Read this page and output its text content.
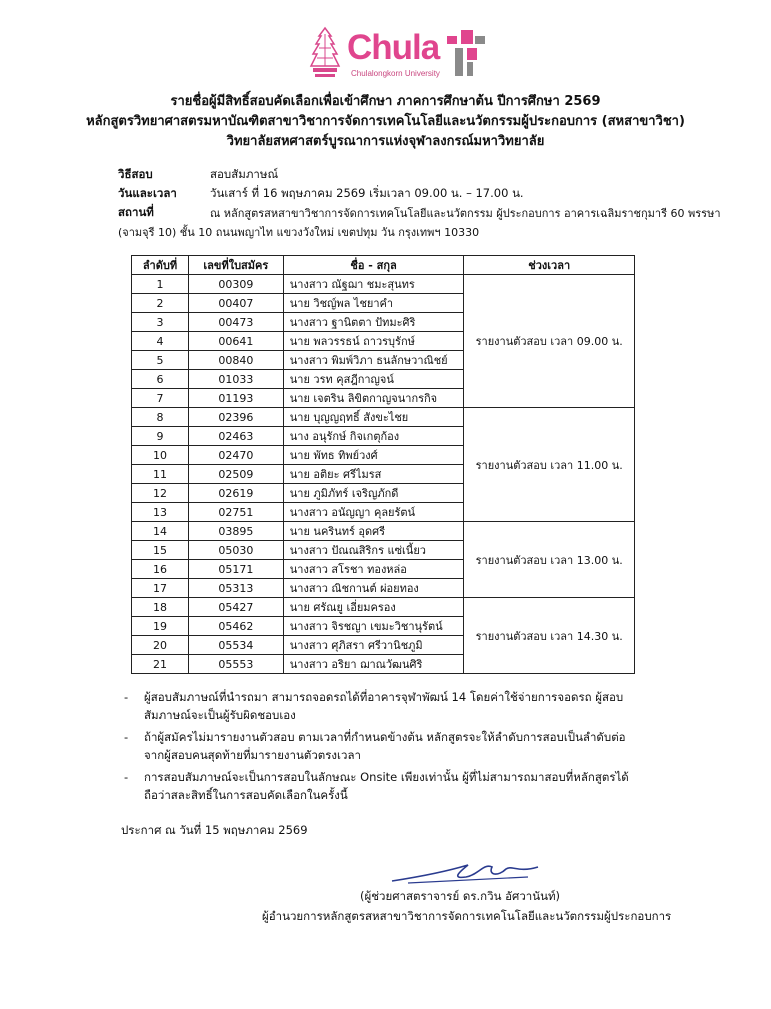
Chula
Chulalongkorn University
รายชื่อผู้มีสิทธิ์สอบคัดเลือกเพื่อเข้าศึกษา ภาคการศึกษาต้น ปีการศึกษา 2569
หลักสูตรวิทยาศาสตรมหาบัณฑิตสาขาวิชาการจัดการเทคโนโลยีและนวัตกรรมผู้ประกอบการ (สหสาขาวิชา)
วิทยาลัยสหศาสตร์บูรณาการแห่งจุฬาลงกรณ์มหาวิทยาลัย
วิธีสอบ	สอบสัมภาษณ์
วันและเวลา	วันเสาร์ ที่ 16 พฤษภาคม 2569 เริ่มเวลา 09.00 น. – 17.00 น.
สถานที่	ณ หลักสูตรสหสาขาวิชาการจัดการเทคโนโลยีและนวัตกรรม ผู้ประกอบการ อาคารเฉลิมราชกุมารี 60 พรรษา
(จามจุรี 10) ชั้น 10 ถนนพญาไท แขวงวังใหม่ เขตปทุม วัน กรุงเทพฯ 10330
ลำดับที่	เลขที่ใบสมัคร	ชื่อ - สกุล	ช่วงเวลา
1	00309	นางสาว ณัฐฌา ชมะสุนทร	รายงานตัวสอบ เวลา 09.00 น.
2	00407	นาย วิชญ์พล ไชยาคำ	
3	00473	นางสาว ฐานิตตา ปัทมะศิริ	
4	00641	นาย พลวรรธน์ ถาวรบุรักษ์	
5	00840	นางสาว พิมพ์วิภา ธนลักษวาณิชย์	
6	01033	นาย วรท คุสฎีกาญจน์	
7	01193	นาย เจตริน ลิขิตกาญจนากรกิจ	
8	02396	นาย บุญญฤทธิ์ สังขะไชย	รายงานตัวสอบ เวลา 11.00 น.
9	02463	นาง อนุรักษ์ กิจเกตุก้อง	
10	02470	นาย พัทธ ทิพย์วงศ์	
11	02509	นาย อติยะ ศรีไมรส	
12	02619	นาย ภูมิภัทร์ เจริญภักดี	
13	02751	นางสาว อนัญญา คุลยรัตน์	
14	03895	นาย นครินทร์ อุดศรี	รายงานตัวสอบ เวลา 13.00 น.
15	05030	นางสาว ปัณณสิริกร แซ่เนี้ยว	
16	05171	นางสาว สโรชา ทองหล่อ	
17	05313	นางสาว ณิชกานต์ ผ่อยทอง	
18	05427	นาย ศรัณยู เอี่ยมครอง	รายงานตัวสอบ เวลา 14.30 น.
19	05462	นางสาว จิรชญา เขมะวิชานุรัตน์	
20	05534	นางสาว ศุภิสรา ศรีวานิชภูมิ	
21	05553	นางสาว อริยา ฌาณวัฒนศิริ	
- ผู้สอบสัมภาษณ์ที่นำรถมา สามารถจอดรถได้ที่อาคารจุฬาพัฒน์ 14 โดยค่าใช้จ่ายการจอดรถ ผู้สอบสัมภาษณ์จะเป็นผู้รับผิดชอบเอง
- ถ้าผู้สมัครไม่มารายงานตัวสอบ ตามเวลาที่กำหนดข้างต้น หลักสูตรจะให้ลำดับการสอบเป็นลำดับต่อจากผู้สอบคนสุดท้ายที่มารายงานตัวตรงเวลา
- การสอบสัมภาษณ์จะเป็นการสอบในลักษณะ Onsite เพียงเท่านั้น ผู้ที่ไม่สามารถมาสอบที่หลักสูตรได้ ถือว่าสละสิทธิ์ในการสอบคัดเลือกในครั้งนี้
ประกาศ ณ วันที่ 15 พฤษภาคม 2569
(ผู้ช่วยศาสตราจารย์ ดร.กวิน อัศวานันท์)
ผู้อำนวยการหลักสูตรสหสาขาวิชาการจัดการเทคโนโลยีและนวัตกรรมผู้ประกอบการ
